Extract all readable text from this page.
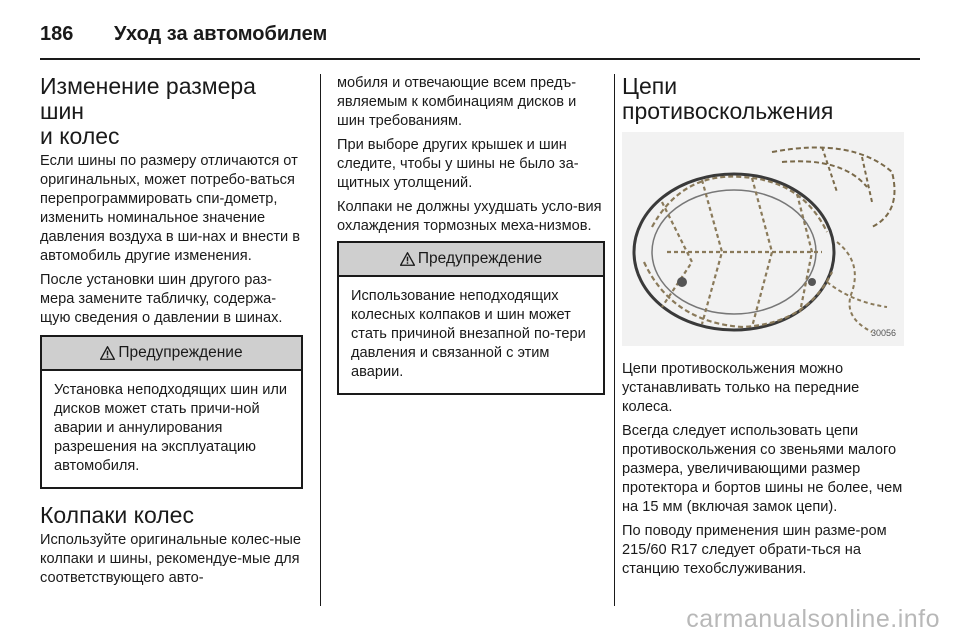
186	Уход за автомобилем
Изменение размера шин
и колес

Если шины по размеру отличаются от оригинальных, может потребо-ваться перепрограммировать спи-дометр, изменить номинальное значение давления воздуха в ши-нах и внести в автомобиль другие изменения.

После установки шин другого раз-мера замените табличку, содержа-щую сведения о давлении в шинах.

Предупреждение

Установка неподходящих шин или дисков может стать причи-ной аварии и аннулирования разрешения на эксплуатацию автомобиля.

Колпаки колес

Используйте оригинальные колес-ные колпаки и шины, рекомендуе-мые для соответствующего авто-

мобиля и отвечающие всем предъ-являемым к комбинациям дисков и шин требованиям.

При выборе других крышек и шин следите, чтобы у шины не было за-щитных утолщений.

Колпаки не должны ухудшать усло-вия охлаждения тормозных меха-низмов.

Предупреждение

Использование неподходящих колесных колпаков и шин может стать причиной внезапной по-тери давления и связанной с этим аварии.

Цепи
противоскольжения
30056

Цепи противоскольжения можно устанавливать только на передние колеса.

Всегда следует использовать цепи противоскольжения со звеньями малого размера, увеличивающими размер протектора и бортов шины не более, чем на 15 мм (включая замок цепи).

По поводу применения шин разме-ром 215/60 R17 следует обрати-ться на станцию техобслуживания.

carmanualsonline.info
